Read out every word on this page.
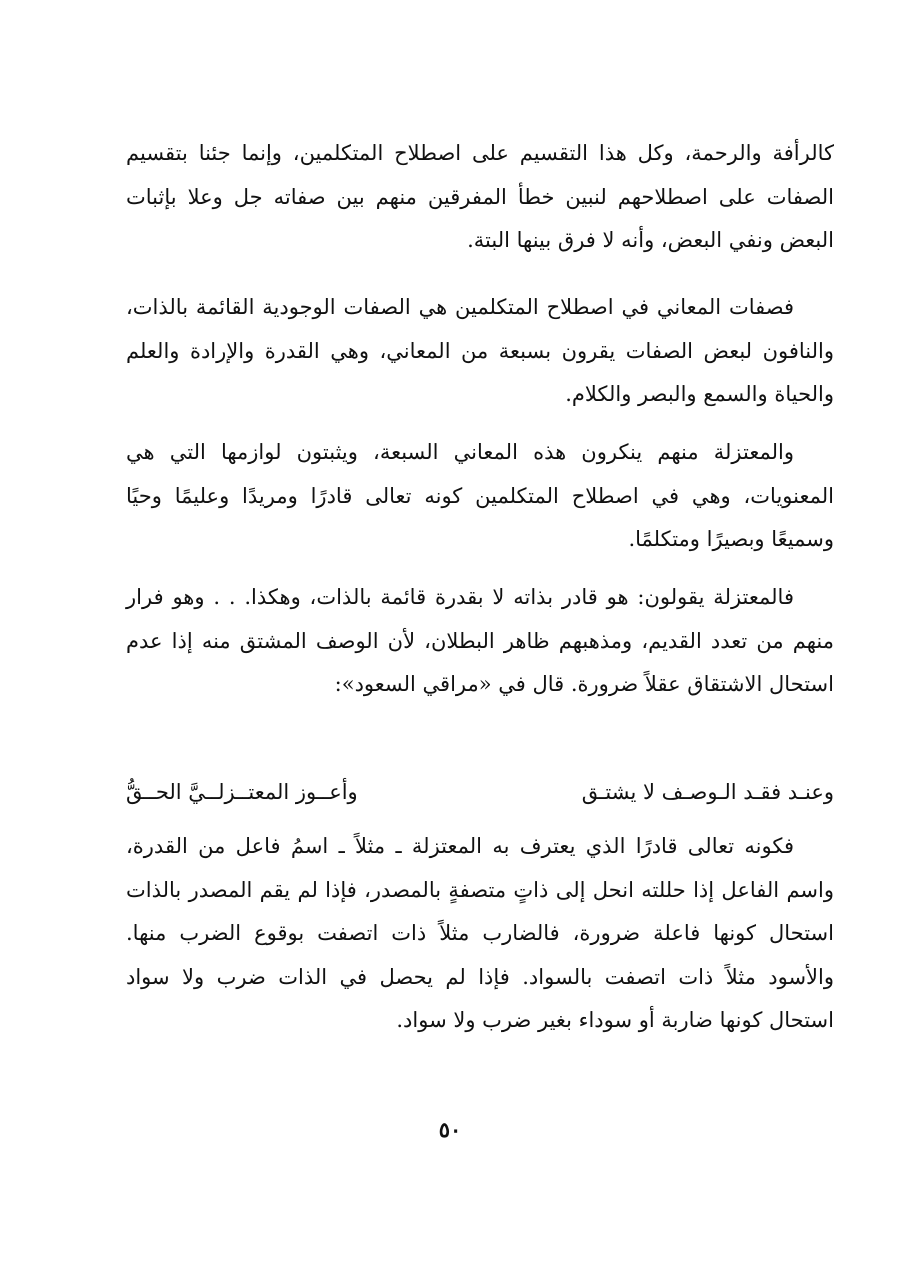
كالرأفة والرحمة، وكل هذا التقسيم على اصطلاح المتكلمين، وإنما جئنا بتقسيم الصفات على اصطلاحهم لنبين خطأ المفرقين منهم بين صفاته جل وعلا بإثبات البعض ونفي البعض، وأنه لا فرق بينها البتة.

فصفات المعاني في اصطلاح المتكلمين هي الصفات الوجودية القائمة بالذات، والنافون لبعض الصفات يقرون بسبعة من المعاني، وهي القدرة والإرادة والعلم والحياة والسمع والبصر والكلام.

والمعتزلة منهم ينكرون هذه المعاني السبعة، ويثبتون لوازمها التي هي المعنويات، وهي في اصطلاح المتكلمين كونه تعالى قادرًا ومريدًا وعليمًا وحيًا وسميعًا وبصيرًا ومتكلمًا.

فالمعتزلة يقولون: هو قادر بذاته لا بقدرة قائمة بالذات، وهكذا. . . وهو فرار منهم من تعدد القديم، ومذهبهم ظاهر البطلان، لأن الوصف المشتق منه إذا عدم استحال الاشتقاق عقلاً ضرورة. قال في «مراقي السعود»:

وعنـد فقـد الـوصـف لا يشتـق
وأعــوز المعتــزلــيَّ الحــقُّ

فكونه تعالى قادرًا الذي يعترف به المعتزلة ـ مثلاً ـ اسمُ فاعل من القدرة، واسم الفاعل إذا حللته انحل إلى ذاتٍ متصفةٍ بالمصدر، فإذا لم يقم المصدر بالذات استحال كونها فاعلة ضرورة، فالضارب مثلاً ذات اتصفت بوقوع الضرب منها. والأسود مثلاً ذات اتصفت بالسواد. فإذا لم يحصل في الذات ضرب ولا سواد استحال كونها ضاربة أو سوداء بغير ضرب ولا سواد.

٥٠
